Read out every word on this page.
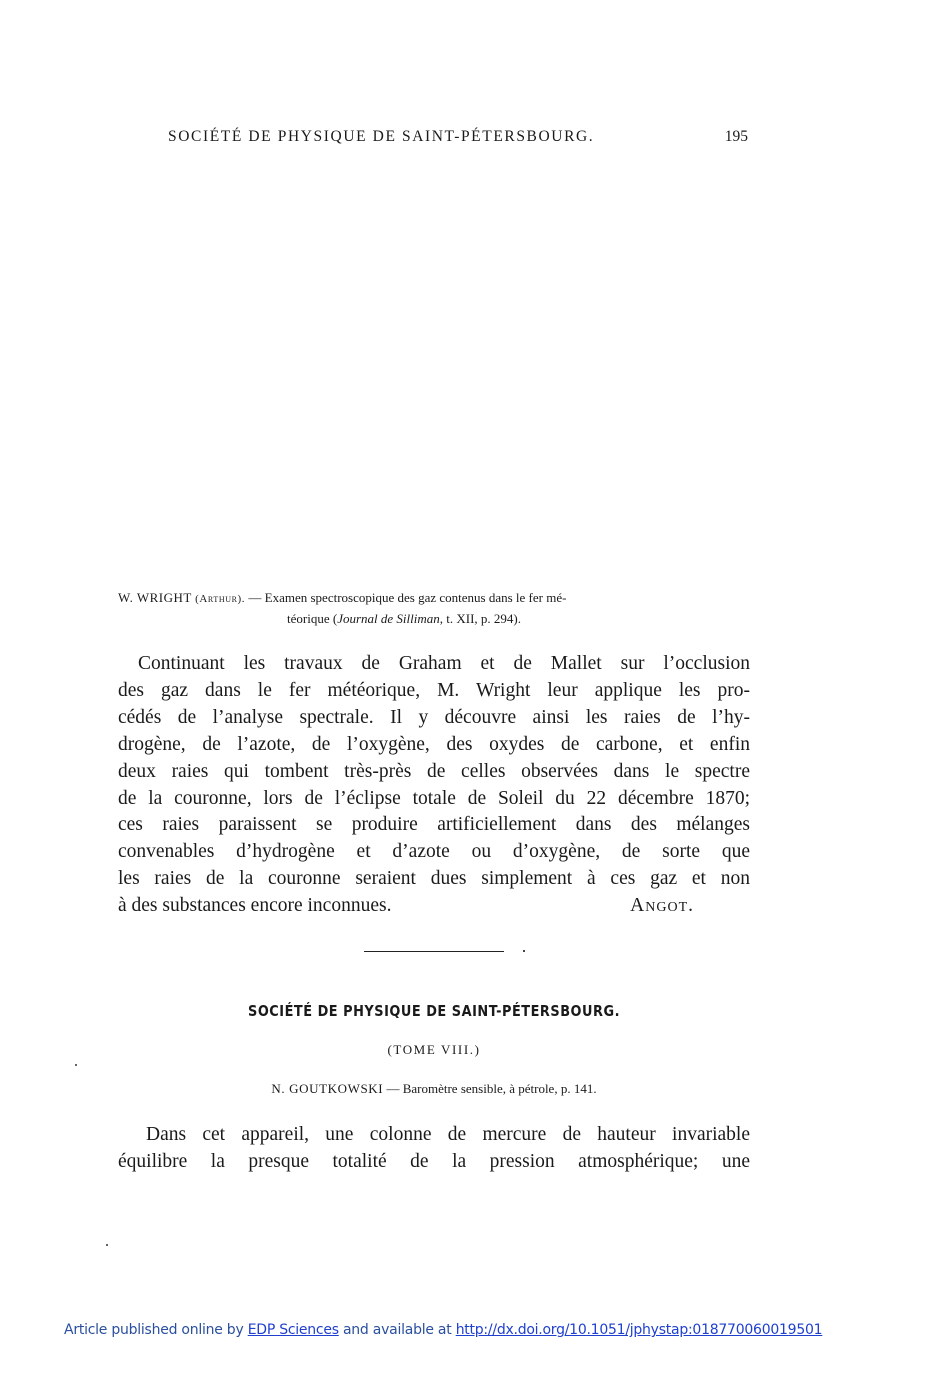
SOCIÉTÉ DE PHYSIQUE DE SAINT-PÉTERSBOURG.	195
W. WRIGHT (Arthur). — Examen spectroscopique des gaz contenus dans le fer mé-
téorique (Journal de Silliman, t. XII, p. 294).
Continuant les travaux de Graham et de Mallet sur l’occlusion
des gaz dans le fer météorique, M. Wright leur applique les pro-
cédés de l’analyse spectrale. Il y découvre ainsi les raies de l’hy-
drogène, de l’azote, de l’oxygène, des oxydes de carbone, et enfin
deux raies qui tombent très-près de celles observées dans le spectre
de la couronne, lors de l’éclipse totale de Soleil du 22 décembre 1870;
ces raies paraissent se produire artificiellement dans des mélanges
convenables d’hydrogène et d’azote ou d’oxygène, de sorte que
les raies de la couronne seraient dues simplement à ces gaz et non
à des substances encore inconnues.	Angot.
SOCIÉTÉ DE PHYSIQUE DE SAINT-PÉTERSBOURG.
(TOME VIII.)
N. GOUTKOWSKI — Baromètre sensible, à pétrole, p. 141.
Dans cet appareil, une colonne de mercure de hauteur invariable
équilibre la presque totalité de la pression atmosphérique; une
Article published online by EDP Sciences and available at http://dx.doi.org/10.1051/jphystap:018770060019501
